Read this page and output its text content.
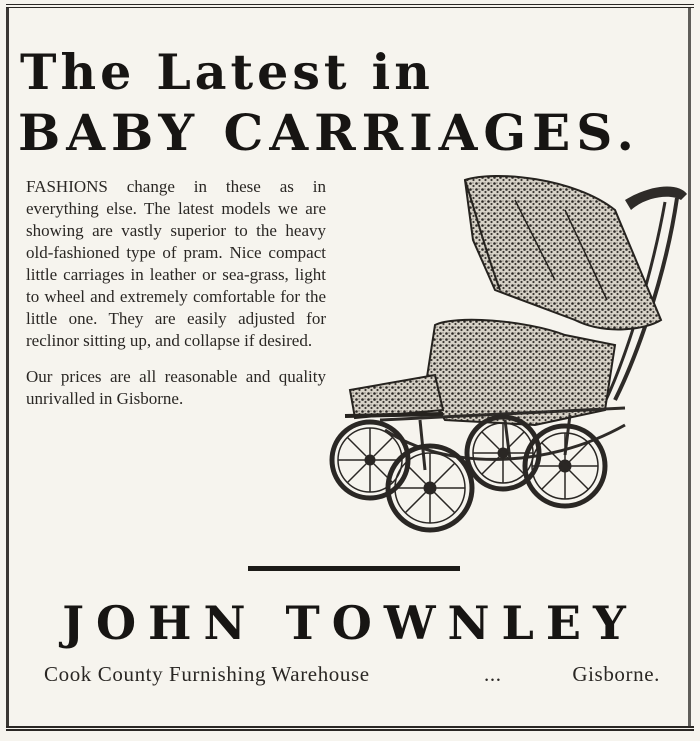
The Latest in
BABY CARRIAGES.

FASHIONS change in these as in everything else. The latest models we are showing are vastly superior to the heavy old-fashioned type of pram. Nice compact little carriages in leather or sea-grass, light to wheel and extremely comfortable for the little one. They are easily adjusted for reclinor sitting up, and collapse if desired.

Our prices are all reasonable and quality unrivalled in Gisborne.

JOHN TOWNLEY
Cook County Furnishing Warehouse	...	Gisborne.
